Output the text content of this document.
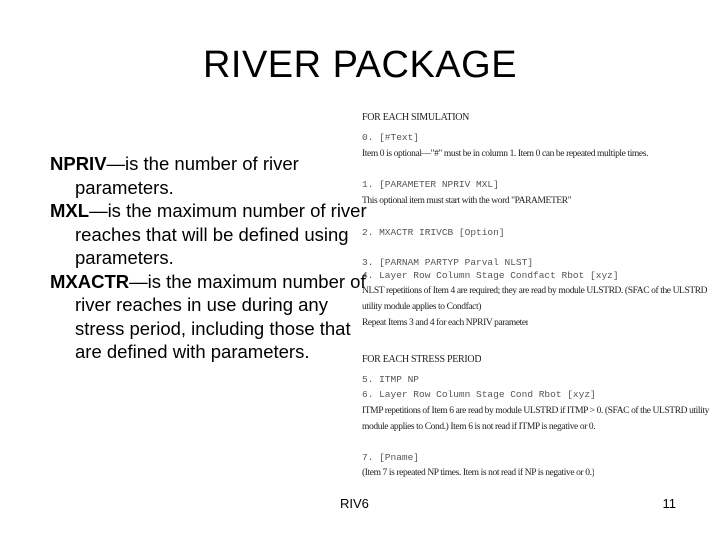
RIVER PACKAGE
NPRIV—is the number of river parameters.
MXL—is the maximum number of river reaches that will be defined using parameters.
MXACTR—is the maximum number of river reaches in use during any stress period, including those that are defined with parameters.
FOR EACH SIMULATION
0. [#Text]
Item 0 is optional—"#" must be in column 1. Item 0 can be repeated multiple times.
1. [PARAMETER NPRIV MXL]
This optional item must start with the word "PARAMETER"
2. MXACTR IRIVCB [Option]
3. [PARNAM PARTYP Parval NLST]
4. Layer Row Column Stage Condfact Rbot [xyz]
NLST repetitions of Item 4 are required; they are read by module ULSTRD. (SFAC of the ULSTRD
utility module applies to Condfact)
Repeat Items 3 and 4 for each NPRIV parameter
FOR EACH STRESS PERIOD
5. ITMP NP
6. Layer Row Column Stage Cond Rbot [xyz]
ITMP repetitions of Item 6 are read by module ULSTRD if ITMP > 0. (SFAC of the ULSTRD utility
module applies to Cond.) Item 6 is not read if ITMP is negative or 0.
7. [Pname]
(Item 7 is repeated NP times. Item is not read if NP is negative or 0.)
RIV6	11
